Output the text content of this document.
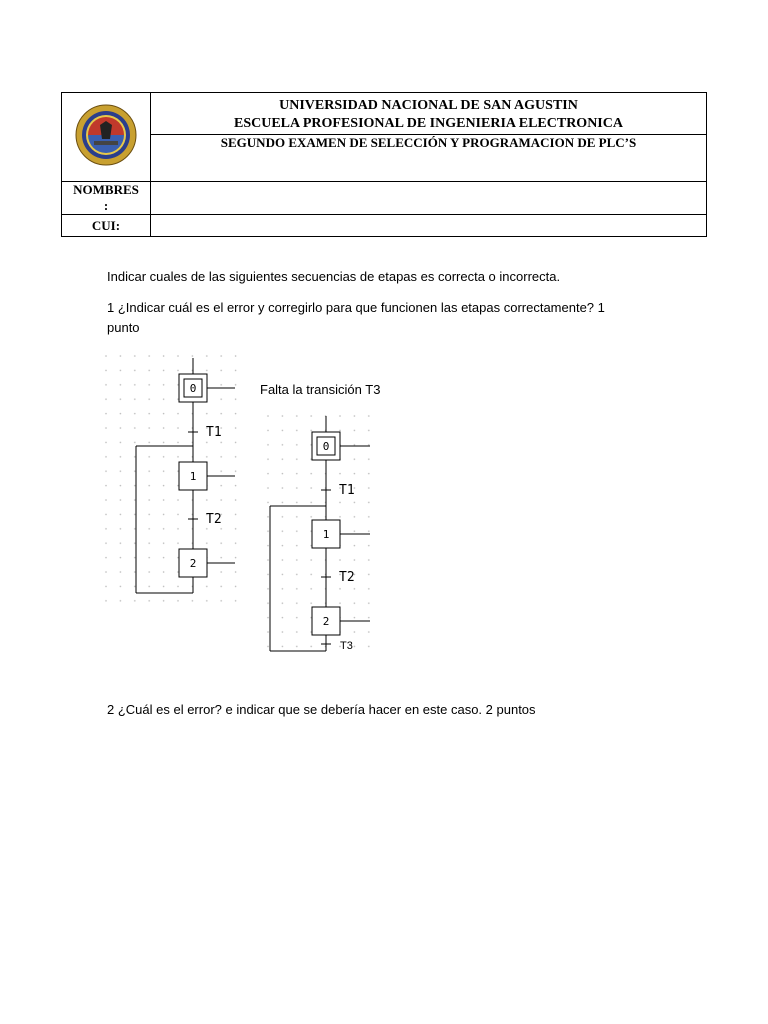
UNIVERSIDAD NACIONAL DE SAN AGUSTIN
ESCUELA PROFESIONAL DE INGENIERIA ELECTRONICA

	SEGUNDO EXAMEN DE SELECCIÓN Y PROGRAMACION DE PLC’S

NOMBRES
:	

CUI:	
Indicar cuales de las siguientes secuencias de etapas es correcta o incorrecta.
1 ¿Indicar cuál es el error y corregirlo para que funcionen las etapas correctamente? 1
punto
0
T1
1
T2
2
Falta la transición T3
0
T1
1
T2
2
T3
2 ¿Cuál es el error? e indicar que se debería hacer en este caso. 2 puntos
